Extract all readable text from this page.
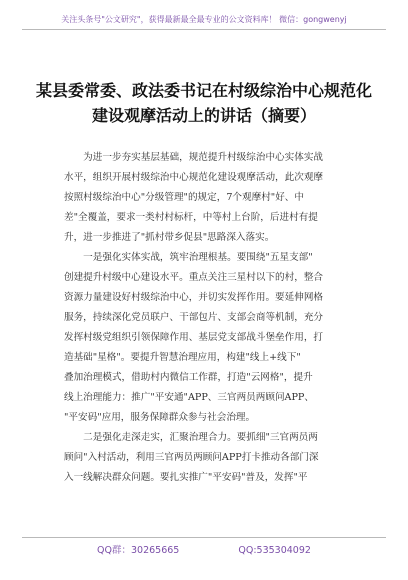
关注头条号"公文研究"，获得最新最全最专业的公文资料库！ 微信：gongwenyj
某县委常委、政法委书记在村级综治中心规范化
建设观摩活动上的讲话（摘要）
　　为进一步夯实基层基础，规范提升村级综治中心实体实战
水平，组织开展村级综治中心规范化建设观摩活动，此次观摩
按照村级综治中心"分级管理"的规定，7个观摩村"好、中
差"全覆盖，要求一类村村标杆，中等村上台阶，后进村有提
升，进一步推进了"抓村带乡促县"思路深入落实。
　　一是强化实体实战，筑牢治理根基。要围绕"五星支部"
创建提升村级中心建设水平。重点关注三星村以下的村，整合
资源力量建设好村级综治中心，并切实发挥作用。要延伸网格
服务，持续深化党员联户、干部包片、支部会商等机制，充分
发挥村级党组织引领保障作用、基层党支部战斗堡垒作用，打
造基础"星格"。要提升智慧治理应用，构建"线上+线下"
叠加治理模式，借助村内微信工作群，打造"云网格"，提升
线上治理能力：推广"平安通"APP、三官两员两顾问APP、
"平安码"应用，服务保障群众参与社会治理。
　　二是强化走深走实，汇聚治理合力。要抓细"三官两员两
顾问"入村活动，利用三官两员两顾问APP打卡推动各部门深
入一线解决群众问题。要扎实推广"平安码"普及，发挥"平
QQ群：30265665	QQ:535304092
